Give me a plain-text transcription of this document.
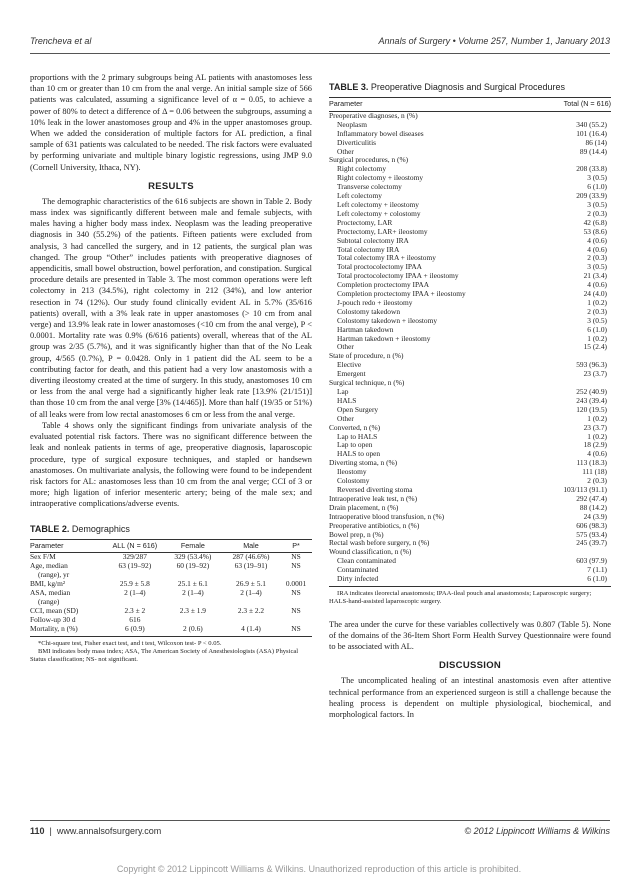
Trencheva et al	Annals of Surgery • Volume 257, Number 1, January 2013

proportions with the 2 primary subgroups being AL patients with anastomoses less than 10 cm or greater than 10 cm from the anal verge. An initial sample size of 566 patients was calculated, assuming a significance level of α = 0.05, to achieve a power of 80% to detect a difference of Δ = 0.06 between the subgroups, assuming a 10% leak in the lower anastomoses group and 4% in the upper anastomoses group. When we added the consideration of multiple factors for AL prediction, a final sample of 631 patients was calculated to be needed. The risk factors were evaluated by performing univariate and multiple binary logistic regressions, using JMP 9.0 (Cornell University, Ithaca, NY).

RESULTS

The demographic characteristics of the 616 subjects are shown in Table 2. Body mass index was significantly different between male and female subjects, with males having a higher body mass index. Neoplasm was the leading preoperative diagnosis in 340 (55.2%) of the patients. Fifteen patients were excluded from analysis, 3 had cancelled the surgery, and in 12 patients, the surgical plan was changed. The group “Other” includes patients with preoperative diagnoses of appendicitis, small bowel obstruction, bowel perforation, and constipation. Surgical procedure details are presented in Table 3. The most common operations were left colectomy in 213 (34.5%), right colectomy in 212 (34%), and low anterior resection in 74 (12%). Our study found clinically evident AL in 5.7% (35/616 patients) overall, with a 3% leak rate in upper anastomoses (> 10 cm from anal verge) and 13.9% leak rate in lower anastomoses (<10 cm from the anal verge), P < 0.0001. Mortality rate was 0.9% (6/616 patients) overall, whereas that of the AL group was 2/35 (5.7%), and it was significantly higher than that of the No Leak group, 4/565 (0.7%), P = 0.0428. Only in 1 patient did the AL seem to be a contributing factor for death, and this patient had a very low anastomosis with a diverting ileostomy created at the time of surgery. In this study, anastomoses 10 cm or less from the anal verge had a significantly higher leak rate [13.9% (21/151)] than those 10 cm from the anal verge [3% (14/465)]. More than half (19/35 or 51%) of all leaks were from low rectal anastomoses 6 cm or less from the anal verge.

Table 4 shows only the significant findings from univariate analysis of the evaluated potential risk factors. There was no significant difference between the leak and nonleak patients in terms of age, preoperative diagnosis, laparoscopic procedure, type of surgical exposure techniques, and stapled or handsewn anastomoses. On multivariate analysis, the following were found to be independent risk factors for AL: anastomoses less than 10 cm from the anal verge; CCI of 3 or more; high ligation of inferior mesenteric artery; being of the male sex; and intraoperative complications/adverse events.

TABLE 2. Demographics
Parameter	ALL (N = 616)	Female	Male	P*
Sex F/M	329/287	329 (53.4%)	287 (46.6%)	NS
Age, median	63 (19–92)	60 (19–92)	63 (19–91)	NS
(range), yr				
BMI, kg/m²	25.9 ± 5.8	25.1 ± 6.1	26.9 ± 5.1	0.0001
ASA, median	2 (1–4)	2 (1–4)	2 (1–4)	NS
(range)				
CCI, mean (SD)	2.3 ± 2	2.3 ± 1.9	2.3 ± 2.2	NS
Follow-up 30 d	616			
Mortality, n (%)	6 (0.9)	2 (0.6)	4 (1.4)	NS

*Chi-square test, Fisher exact test, and t test, Wilcoxon test- P < 0.05.

BMI indicates body mass index; ASA, The American Society of Anesthesiologists (ASA) Physical Status classification; NS- not significant.

TABLE 3. Preoperative Diagnosis and Surgical Procedures
Parameter	Total (N = 616)
Preoperative diagnoses, n (%)	
Neoplasm	340 (55.2)
Inflammatory bowel diseases	101 (16.4)
Diverticulitis	86 (14)
Other	89 (14.4)
Surgical procedures, n (%)	
Right colectomy	208 (33.8)
Right colectomy + ileostomy	3 (0.5)
Transverse colectomy	6 (1.0)
Left colectomy	209 (33.9)
Left colectomy + ileostomy	3 (0.5)
Left colectomy + colostomy	2 (0.3)
Proctectomy, LAR	42 (6.8)
Proctectomy, LAR+ ileostomy	53 (8.6)
Subtotal colectomy IRA	4 (0.6)
Total colectomy IRA	4 (0.6)
Total colectomy IRA + ileostomy	2 (0.3)
Total proctocolectomy IPAA	3 (0.5)
Total proctocolectomy IPAA + ileostomy	21 (3.4)
Completion proctectomy IPAA	4 (0.6)
Completion proctectomy IPAA + ileostomy	24 (4.0)
J-pouch redo + ileostomy	1 (0.2)
Colostomy takedown	2 (0.3)
Colostomy takedown + ileostomy	3 (0.5)
Hartman takedown	6 (1.0)
Hartman takedown + ileostomy	1 (0.2)
Other	15 (2.4)
State of procedure, n (%)	
Elective	593 (96.3)
Emergent	23 (3.7)
Surgical technique, n (%)	
Lap	252 (40.9)
HALS	243 (39.4)
Open Surgery	120 (19.5)
Other	1 (0.2)
Converted, n (%)	23 (3.7)
Lap to HALS	1 (0.2)
Lap to open	18 (2.9)
HALS to open	4 (0.6)
Diverting stoma, n (%)	113 (18.3)
Ileostomy	111 (18)
Colostomy	2 (0.3)
Reversed diverting stoma	103/113 (91.1)
Intraoperative leak test, n (%)	292 (47.4)
Drain placement, n (%)	88 (14.2)
Intraoperative blood transfusion, n (%)	24 (3.9)
Preoperative antibiotics, n (%)	606 (98.3)
Bowel prep, n (%)	575 (93.4)
Rectal wash before surgery, n (%)	245 (39.7)
Wound classification, n (%)	
Clean contaminated	603 (97.9)
Contaminated	7 (1.1)
Dirty infected	6 (1.0)

IRA indicates ileorectal anastomosis; IPAA-ileal pouch anal anastomosis; Laparoscopic surgery; HALS-hand-assisted laparoscopic surgery.

The area under the curve for these variables collectively was 0.807 (Table 5). None of the domains of the 36-Item Short Form Health Survey Questionnaire were found to be associated with AL.

DISCUSSION

The uncomplicated healing of an intestinal anastomosis even after attentive technical performance from an experienced surgeon is still a challenge because the healing process is dependent on multiple physiological, biochemical, and morphological factors. In

110 | www.annalsofsurgery.com	© 2012 Lippincott Williams & Wilkins
Copyright © 2012 Lippincott Williams & Wilkins. Unauthorized reproduction of this article is prohibited.
